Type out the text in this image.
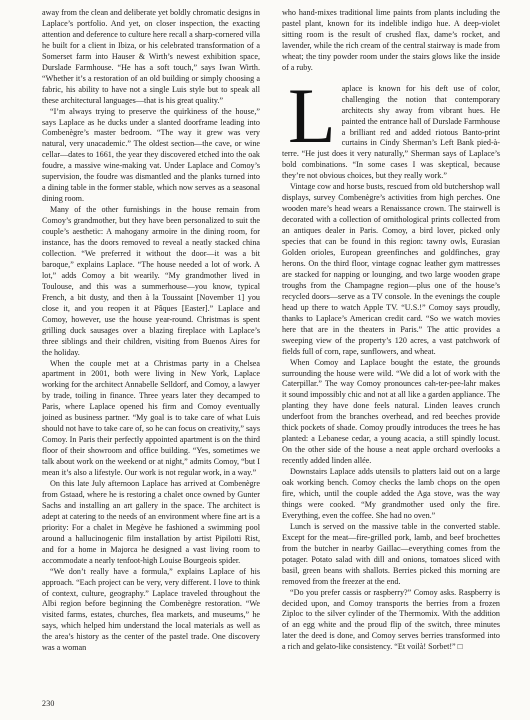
away from the clean and deliberate yet boldly chromatic designs in Laplace’s portfolio. And yet, on closer inspection, the exacting attention and deference to culture here recall a sharp-cornered villa he built for a client in Ibiza, or his celebrated transformation of a Somerset farm into Hauser & Wirth’s newest exhibition space, Durslade Farmhouse. “He has a soft touch,” says Iwan Wirth. “Whether it’s a restoration of an old building or simply choosing a fabric, his ability to have not a single Luis style but to speak all these architectural languages—that is his great quality.”

“I’m always trying to preserve the quirkiness of the house,” says Laplace as he ducks under a slanted doorframe leading into Combenègre’s master bedroom. “The way it grew was very natural, very unacademic.” The oldest section—the cave, or wine cellar—dates to 1661, the year they discovered etched into the oak foudre, a massive wine-making vat. Under Laplace and Comoy’s supervision, the foudre was dismantled and the planks turned into a dining table in the former stable, which now serves as a seasonal dining room.

Many of the other furnishings in the house remain from Comoy’s grandmother, but they have been personalized to suit the couple’s aesthetic: A mahogany armoire in the dining room, for instance, has the doors removed to reveal a neatly stacked china collection. “We preferred it without the door—it was a bit baroque,” explains Laplace. “The house needed a lot of work. A lot,” adds Comoy a bit wearily. “My grandmother lived in Toulouse, and this was a summerhouse—you know, typical French, a bit dusty, and then à la Toussaint [November 1] you close it, and you reopen it at Pâques [Easter].” Laplace and Comoy, however, use the house year-round. Christmas is spent grilling duck sausages over a blazing fireplace with Laplace’s three siblings and their children, visiting from Buenos Aires for the holiday.

When the couple met at a Christmas party in a Chelsea apartment in 2001, both were living in New York, Laplace working for the architect Annabelle Selldorf, and Comoy, a lawyer by trade, toiling in finance. Three years later they decamped to Paris, where Laplace opened his firm and Comoy eventually joined as business partner. “My goal is to take care of what Luis should not have to take care of, so he can focus on creativity,” says Comoy. In Paris their perfectly appointed apartment is on the third floor of their showroom and office building. “Yes, sometimes we talk about work on the weekend or at night,” admits Comoy, “but I mean it’s also a lifestyle. Our work is not regular work, in a way.”

On this late July afternoon Laplace has arrived at Combenègre from Gstaad, where he is restoring a chalet once owned by Gunter Sachs and installing an art gallery in the space. The architect is adept at catering to the needs of an environment where fine art is a priority: For a chalet in Megève he fashioned a swimming pool around a hallucinogenic film installation by artist Pipilotti Rist, and for a home in Majorca he designed a vast living room to accommodate a nearly tenfoot-high Louise Bourgeois spider.

“We don’t really have a formula,” explains Laplace of his approach. “Each project can be very, very different. I love to think of context, culture, geography.” Laplace traveled throughout the Albi region before beginning the Combenègre restoration. “We visited farms, estates, churches, flea markets, and museums,” he says, which helped him understand the local materials as well as the area’s history as the center of the pastel trade. One discovery was a woman

who hand-mixes traditional lime paints from plants including the pastel plant, known for its indelible indigo hue. A deep-violet sitting room is the result of crushed flax, dame’s rocket, and lavender, while the rich cream of the central stairway is made from wheat; the tiny powder room under the stairs glows like the inside of a ruby.

L aplace is known for his deft use of color, challenging the notion that contemporary architects shy away from vibrant hues. He painted the entrance hall of Durslade Farmhouse a brilliant red and added riotous Banto-print curtains in Cindy Sherman’s Left Bank pied-à-terre. “He just does it very naturally,” Sherman says of Laplace’s bold combinations. “In some cases I was skeptical, because they’re not obvious choices, but they really work.”

Vintage cow and horse busts, rescued from old butchershop wall displays, survey Combenègre’s activities from high perches. One wooden mare’s head wears a Renaissance crown. The stairwell is decorated with a collection of ornithological prints collected from an antiques dealer in Paris. Comoy, a bird lover, picked only species that can be found in this region: tawny owls, Eurasian Golden orioles, European greenfinches and goldfinches, gray herons. On the third floor, vintage cognac leather gym mattresses are stacked for napping or lounging, and two large wooden grape troughs from the Champagne region—plus one of the house’s recycled doors—serve as a TV console. In the evenings the couple head up there to watch Apple TV. “U.S.!” Comoy says proudly, thanks to Laplace’s American credit card. “So we watch movies here that are in the theaters in Paris.” The attic provides a sweeping view of the property’s 120 acres, a vast patchwork of fields full of corn, rape, sunflowers, and wheat.

When Comoy and Laplace bought the estate, the grounds surrounding the house were wild. “We did a lot of work with the Caterpillar.” The way Comoy pronounces cah-ter-pee-lahr makes it sound impossibly chic and not at all like a garden appliance. The planting they have done feels natural. Linden leaves crunch underfoot from the branches overhead, and red beeches provide thick pockets of shade. Comoy proudly introduces the trees he has planted: a Lebanese cedar, a young acacia, a still spindly locust. On the other side of the house a neat apple orchard overlooks a recently added linden allée.

Downstairs Laplace adds utensils to platters laid out on a large oak working bench. Comoy checks the lamb chops on the open fire, which, until the couple added the Aga stove, was the way things were cooked. “My grandmother used only the fire. Everything, even the coffee. She had no oven.”

Lunch is served on the massive table in the converted stable. Except for the meat—fire-grilled pork, lamb, and beef brochettes from the butcher in nearby Gaillac—everything comes from the potager. Potato salad with dill and onions, tomatoes sliced with basil, green beans with shallots. Berries picked this morning are removed from the freezer at the end.

“Do you prefer cassis or raspberry?” Comoy asks. Raspberry is decided upon, and Comoy transports the berries from a frozen Ziploc to the silver cylinder of the Thermomix. With the addition of an egg white and the proud flip of the switch, three minutes later the deed is done, and Comoy serves berries transformed into a rich and gelato-like consistency. “Et voilà! Sorbet!” □

230
